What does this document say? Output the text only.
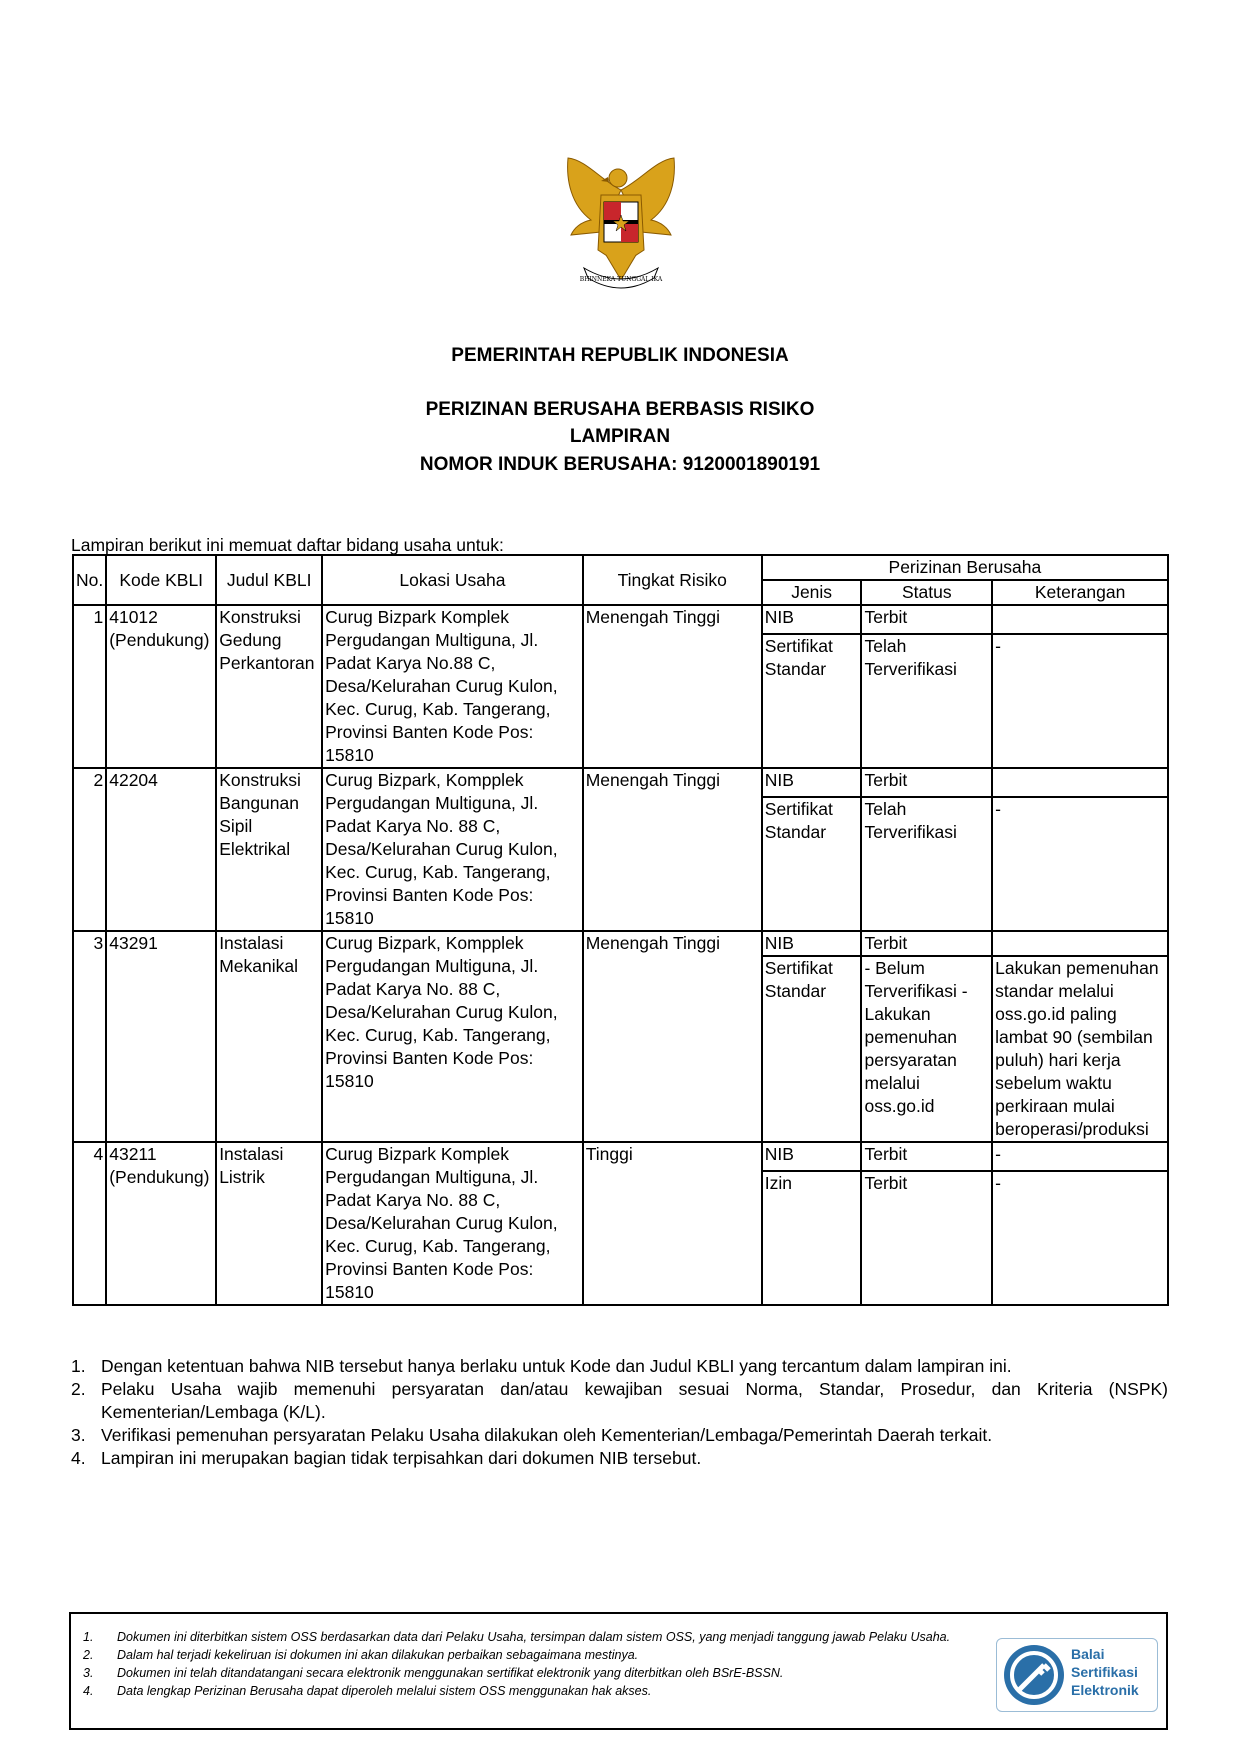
BHINNEKA TUNGGAL IKA
PEMERINTAH REPUBLIK INDONESIA
PERIZINAN BERUSAHA BERBASIS RISIKO
LAMPIRAN
NOMOR INDUK BERUSAHA: 9120001890191
Lampiran berikut ini memuat daftar bidang usaha untuk:
No.	Kode KBLI	Judul KBLI	Lokasi Usaha	Tingkat Risiko	Perizinan Berusaha		
					Jenis	Status	Keterangan
1	41012 (Pendukung)	Konstruksi Gedung Perkantoran	Curug Bizpark Komplek Pergudangan Multiguna, Jl. Padat Karya No.88 C, Desa/Kelurahan Curug Kulon, Kec. Curug, Kab. Tangerang, Provinsi Banten Kode Pos: 15810	Menengah Tinggi	NIB	Terbit	
					Sertifikat Standar	Telah Terverifikasi	-
2	42204	Konstruksi Bangunan Sipil Elektrikal	Curug Bizpark, Kompplek Pergudangan Multiguna, Jl. Padat Karya No. 88 C, Desa/Kelurahan Curug Kulon, Kec. Curug, Kab. Tangerang, Provinsi Banten Kode Pos: 15810	Menengah Tinggi	NIB	Terbit	
					Sertifikat Standar	Telah Terverifikasi	-
3	43291	Instalasi Mekanikal	Curug Bizpark, Kompplek Pergudangan Multiguna, Jl. Padat Karya No. 88 C, Desa/Kelurahan Curug Kulon, Kec. Curug, Kab. Tangerang, Provinsi Banten Kode Pos: 15810	Menengah Tinggi	NIB	Terbit	
					Sertifikat Standar	- Belum Terverifikasi - Lakukan pemenuhan persyaratan melalui oss.go.id	Lakukan pemenuhan standar melalui oss.go.id paling lambat 90 (sembilan puluh) hari kerja sebelum waktu perkiraan mulai beroperasi/produksi
4	43211 (Pendukung)	Instalasi Listrik	Curug Bizpark Komplek Pergudangan Multiguna, Jl. Padat Karya No. 88 C, Desa/Kelurahan Curug Kulon, Kec. Curug, Kab. Tangerang, Provinsi Banten Kode Pos: 15810	Tinggi	NIB	Terbit	-
					Izin	Terbit	-
1. Dengan ketentuan bahwa NIB tersebut hanya berlaku untuk Kode dan Judul KBLI yang tercantum dalam lampiran ini.
2. Pelaku Usaha wajib memenuhi persyaratan dan/atau kewajiban sesuai Norma, Standar, Prosedur, dan Kriteria (NSPK) Kementerian/Lembaga (K/L).
3. Verifikasi pemenuhan persyaratan Pelaku Usaha dilakukan oleh Kementerian/Lembaga/Pemerintah Daerah terkait.
4. Lampiran ini merupakan bagian tidak terpisahkan dari dokumen NIB tersebut.
1.	Dokumen ini diterbitkan sistem OSS berdasarkan data dari Pelaku Usaha, tersimpan dalam sistem OSS, yang menjadi tanggung jawab Pelaku Usaha.
2.	Dalam hal terjadi kekeliruan isi dokumen ini akan dilakukan perbaikan sebagaimana mestinya.
3.	Dokumen ini telah ditandatangani secara elektronik menggunakan sertifikat elektronik yang diterbitkan oleh BSrE-BSSN.
4.	Data lengkap Perizinan Berusaha dapat diperoleh melalui sistem OSS menggunakan hak akses.
Balai
Sertifikasi
Elektronik
